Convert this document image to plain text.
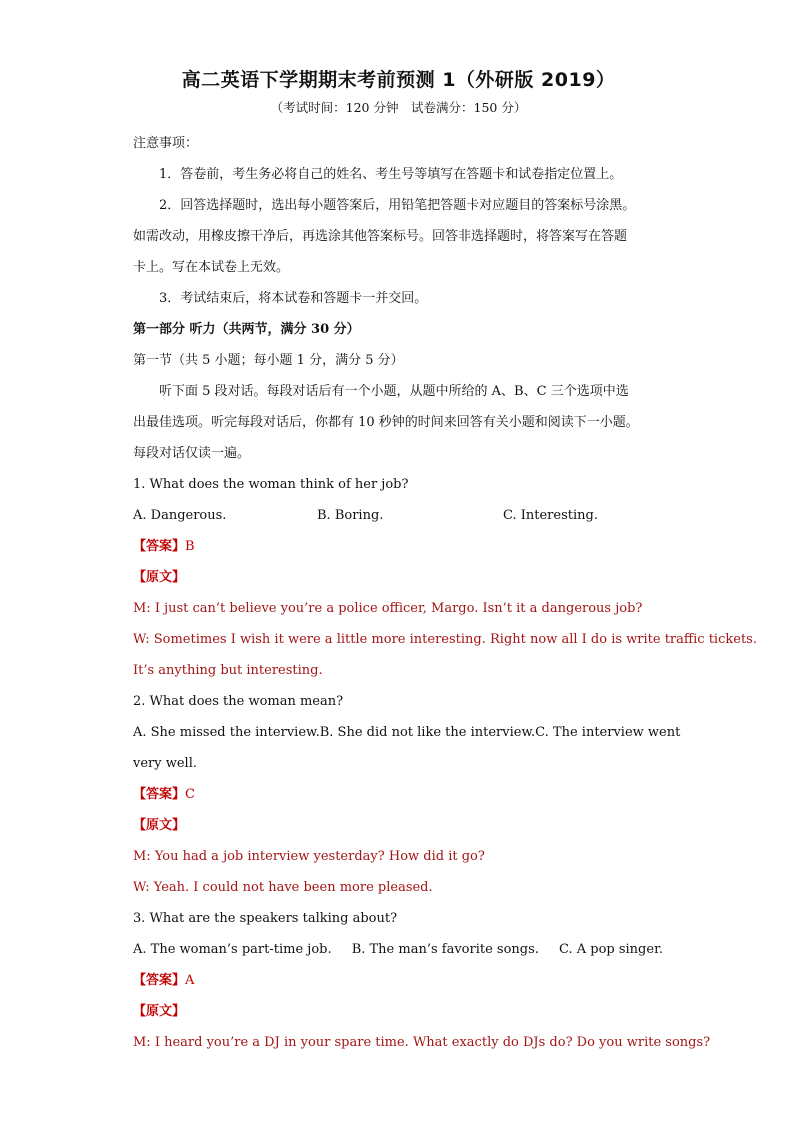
高二英语下学期期末考前预测 1（外研版 2019）

（考试时间：120 分钟　试卷满分：150 分）

注意事项：

1．答卷前，考生务必将自己的姓名、考生号等填写在答题卡和试卷指定位置上。

2．回答选择题时，选出每小题答案后，用铅笔把答题卡对应题目的答案标号涂黑。

如需改动，用橡皮擦干净后，再选涂其他答案标号。回答非选择题时，将答案写在答题

卡上。写在本试卷上无效。

3．考试结束后，将本试卷和答题卡一并交回。

第一部分 听力（共两节，满分 30 分）

第一节（共 5 小题；每小题 1 分，满分 5 分）

听下面 5 段对话。每段对话后有一个小题，从题中所给的 A、B、C 三个选项中选

出最佳选项。听完每段对话后，你都有 10 秒钟的时间来回答有关小题和阅读下一小题。

每段对话仅读一遍。

1. What does the woman think of her job?

A. Dangerous.	B. Boring.	C. Interesting.

【答案】B

【原文】

M: I just can’t believe you’re a police officer, Margo. Isn’t it a dangerous job?

W: Sometimes I wish it were a little more interesting. Right now all I do is write traffic tickets.

It’s anything but interesting.

2. What does the woman mean?

A. She missed the interview. B. She did not like the interview. C. The interview went

very well.

【答案】C

【原文】

M: You had a job interview yesterday? How did it go?

W: Yeah. I could not have been more pleased.

3. What are the speakers talking about?

A. The woman’s part-time job. B. The man’s favorite songs. C. A pop singer.

【答案】A

【原文】

M: I heard you’re a DJ in your spare time. What exactly do DJs do? Do you write songs?
